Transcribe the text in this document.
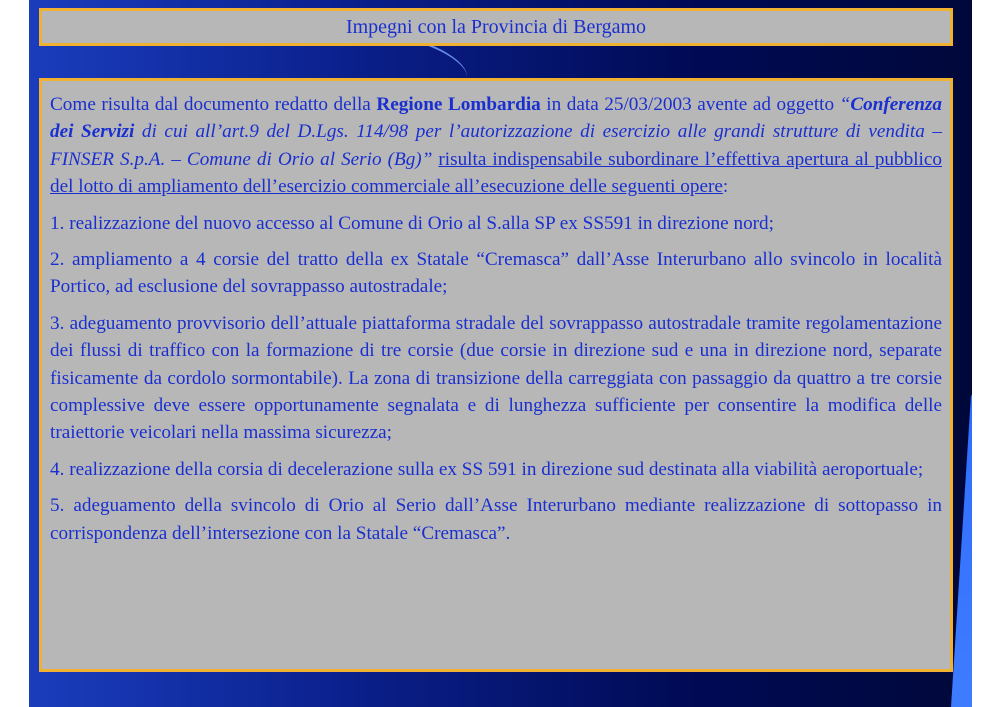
Impegni con la Provincia di Bergamo

Come risulta dal documento redatto della Regione Lombardia in data 25/03/2003 avente ad oggetto “Conferenza dei Servizi di cui all’art.9 del D.Lgs. 114/98 per l’autorizzazione di esercizio alle grandi strutture di vendita – FINSER S.p.A. – Comune di Orio al Serio (Bg)” risulta indispensabile subordinare l’effettiva apertura al pubblico del lotto di ampliamento dell’esercizio commerciale all’esecuzione delle seguenti opere:

1. realizzazione del nuovo accesso al Comune di Orio al S.alla SP ex SS591 in direzione nord;

2. ampliamento a 4 corsie del tratto della ex Statale “Cremasca” dall’Asse Interurbano allo svincolo in località Portico, ad esclusione del sovrappasso autostradale;

3. adeguamento provvisorio dell’attuale piattaforma stradale del sovrappasso autostradale tramite regolamentazione dei flussi di traffico con la formazione di tre corsie (due corsie in direzione sud e una in direzione nord, separate fisicamente da cordolo sormontabile). La zona di transizione della carreggiata con passaggio da quattro a tre corsie complessive deve essere opportunamente segnalata e di lunghezza sufficiente per consentire la modifica delle traiettorie veicolari nella massima sicurezza;

4. realizzazione della corsia di decelerazione sulla ex SS 591 in direzione sud destinata alla viabilità aeroportuale;

5. adeguamento della svincolo di Orio al Serio dall’Asse Interurbano mediante realizzazione di sottopasso in corrispondenza dell’intersezione con la Statale “Cremasca”.
